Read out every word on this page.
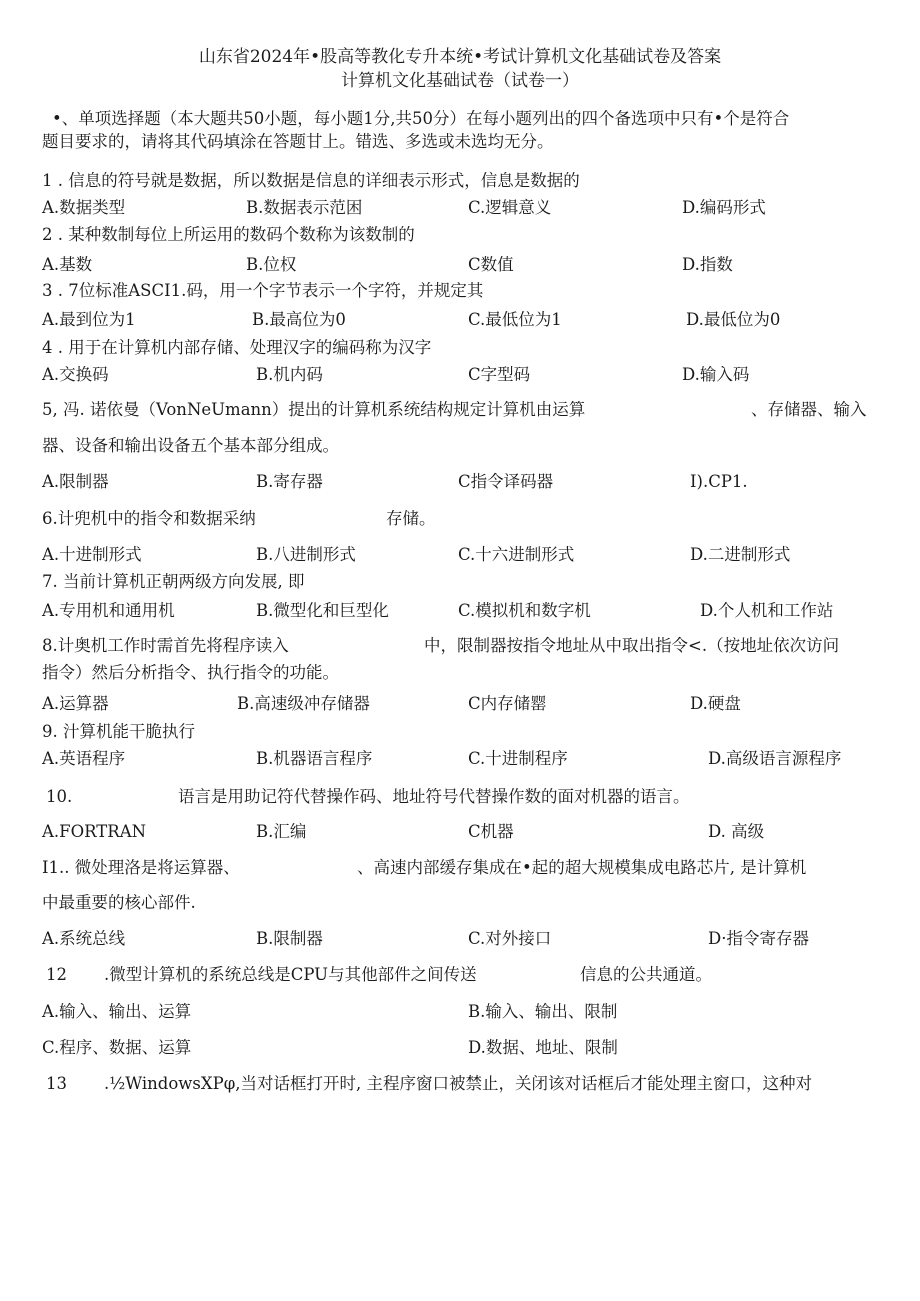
山东省2024年•股高等教化专升本统•考试计算机文化基础试卷及答案
计算机文化基础试卷（试卷一）
•、单项选择题（本大题共50小题，每小题1分,共50分）在每小题列出的四个备选项中只有•个是符合
题目要求的，请将其代码填涂在答题甘上。错选、多选或未选均无分。
1 . 信息的符号就是数据，所以数据是信息的详细表示形式，信息是数据的
A.数据类型	B.数据表示范困	C.逻辑意义	D.编码形式
2 . 某种数制每位上所运用的数码个数称为该数制的
A.基数	B.位权	C数值	D.指数
3 . 7位标准ASCI1.码，用一个字节表示一个字符，并规定其
A.最到位为1	B.最高位为0	C.最低位为1	D.最低位为0
4 . 用于在计算机内部存储、处理汉字的编码称为汉字
A.交换码	B.机内码	C字型码	D.输入码
5, 冯. 诺依曼（VonNeUmann）提出的计算机系统结构规定计算机由运算	、存储器、输入
器、设备和输出设备五个基本部分组成。
A.限制器	B.寄存器	C指令译码器	I).CP1.
6.计兜机中的指令和数据采纳	存储。
A.十进制形式	B.八进制形式	C.十六进制形式	D.二进制形式
7. 当前计算机正朝两级方向发展, 即
A.专用机和通用机	B.微型化和巨型化	C.模拟机和数字机	D.个人机和工作站
8.计奥机工作时需首先将程序读入	中，限制器按指令地址从中取出指令<.（按地址依次访问
指令）然后分析指令、执行指令的功能。
A.运算器	B.高速级冲存储器	C内存储罂	D.硬盘
9. 汁算机能干脆执行
A.英语程序	B.机器语言程序	C.十进制程序	D.高级语言源程序
10.	语言是用助记符代替操作码、地址符号代替操作数的面对机器的语言。
A.FORTRAN	B.汇编	C机器	D. 高级
I1.. 微处理洛是将运算器、	、高速内部缓存集成在•起的超大规模集成电路芯片, 是计算机
中最重要的核心部件.
A.系统总线	B.限制器	C.对外接口	D·指令寄存器
12 .微型计算机的系统总线是CPU与其他部件之间传送	信息的公共通道。
A.输入、输出、运算	B.输入、输出、限制
C.程序、数据、运算	D.数据、地址、限制
13 .½WindowsXPφ,当对话框打开时, 主程序窗口被禁止，关闭该对话框后才能处理主窗口，这种对
